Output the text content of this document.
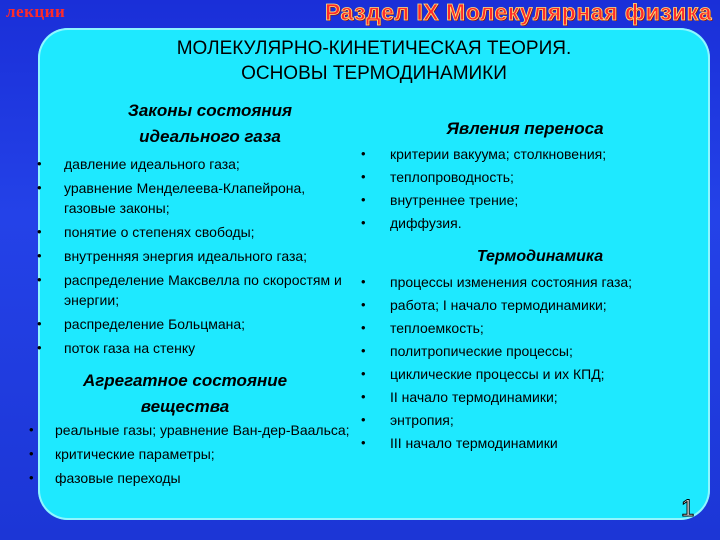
лекции	Раздел IX Молекулярная физика
МОЛЕКУЛЯРНО-КИНЕТИЧЕСКАЯ ТЕОРИЯ.
ОСНОВЫ ТЕРМОДИНАМИКИ
Законы состояния
идеального газа
• давление идеального газа;
• уравнение Менделеева-Клапейрона, газовые законы;
• понятие о степенях свободы;
• внутренняя энергия идеального газа;
• распределение Максвелла по скоростям и энергии;
• распределение Больцмана;
• поток газа на стенку
Агрегатное состояние
вещества
• реальные газы; уравнение Ван-дер-Ваальса;
• критические параметры;
• фазовые переходы
Явления переноса
• критерии вакуума; столкновения;
• теплопроводность;
• внутреннее трение;
• диффузия.
Термодинамика
• процессы изменения состояния газа;
• работа; I начало термодинамики;
• теплоемкость;
• политропические процессы;
• циклические процессы и их КПД;
• II начало термодинамики;
• энтропия;
• III начало термодинамики
1
